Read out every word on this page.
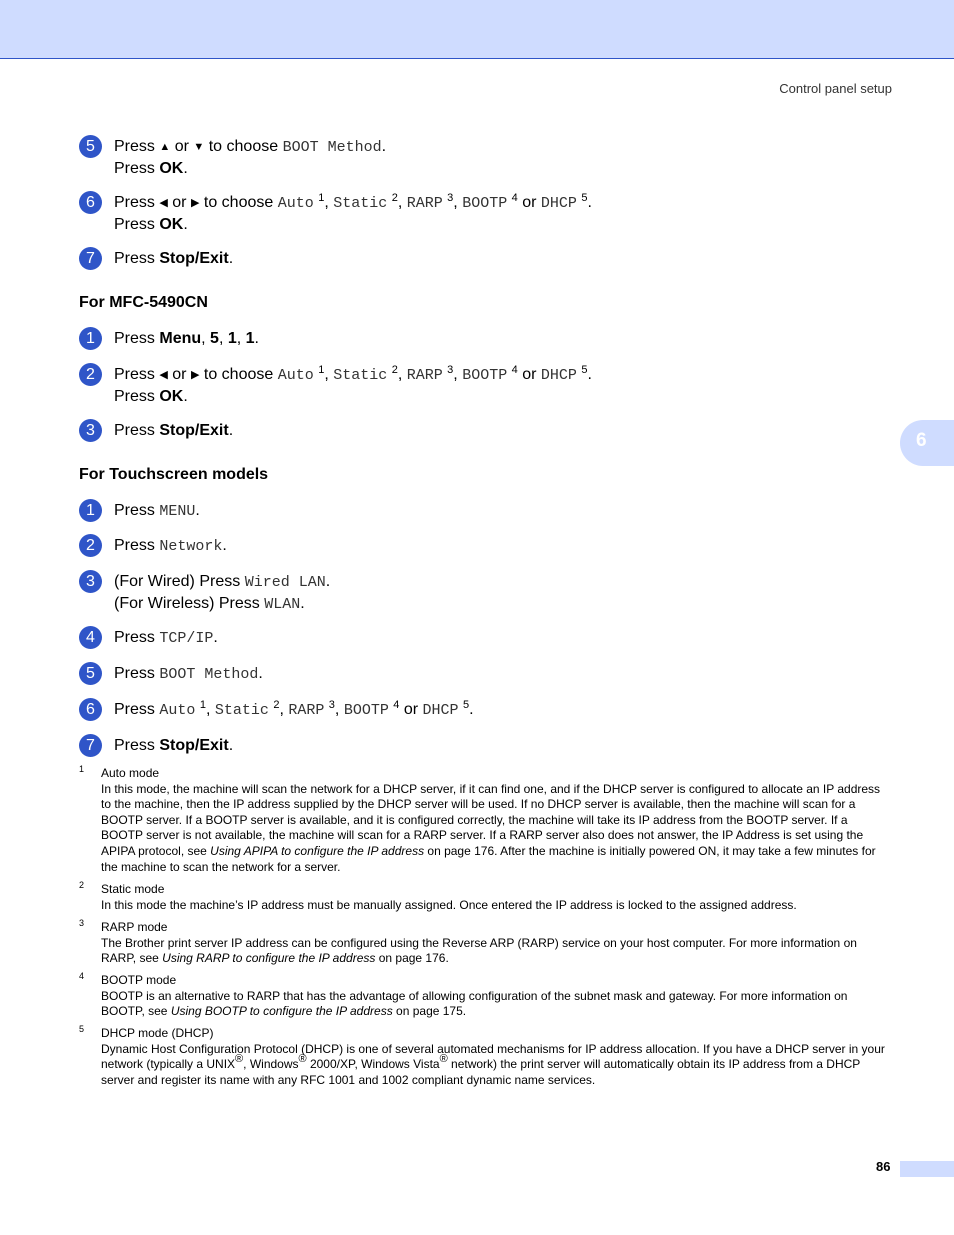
Control panel setup
6
5	Press ▲ or ▼ to choose BOOT Method.
Press OK.
6	Press ◀ or ▶ to choose Auto $^1$, Static $^2$, RARP $^3$, BOOTP $^4$ or DHCP $^5$.
Press OK.
7	Press Stop/Exit.
For MFC-5490CN
1	Press Menu, 5, 1, 1.
2	Press ◀ or ▶ to choose Auto $^1$, Static $^2$, RARP $^3$, BOOTP $^4$ or DHCP $^5$.
Press OK.
3	Press Stop/Exit.
For Touchscreen models
1	Press MENU.
2	Press Network.
3	(For Wired) Press Wired LAN.
(For Wireless) Press WLAN.
4	Press TCP/IP.
5	Press BOOT Method.
6	Press Auto $^1$, Static $^2$, RARP $^3$, BOOTP $^4$ or DHCP $^5$.
7	Press Stop/Exit.
1 Auto mode
In this mode, the machine will scan the network for a DHCP server, if it can find one, and if the DHCP server is configured to allocate an IP address to the machine, then the IP address supplied by the DHCP server will be used. If no DHCP server is available, then the machine will scan for a BOOTP server. If a BOOTP server is available, and it is configured correctly, the machine will take its IP address from the BOOTP server. If a BOOTP server is not available, the machine will scan for a RARP server. If a RARP server also does not answer, the IP Address is set using the APIPA protocol, see Using APIPA to configure the IP address on page 176. After the machine is initially powered ON, it may take a few minutes for the machine to scan the network for a server.
2 Static mode
In this mode the machine’s IP address must be manually assigned. Once entered the IP address is locked to the assigned address.
3 RARP mode
The Brother print server IP address can be configured using the Reverse ARP (RARP) service on your host computer. For more information on RARP, see Using RARP to configure the IP address on page 176.
4 BOOTP mode
BOOTP is an alternative to RARP that has the advantage of allowing configuration of the subnet mask and gateway. For more information on BOOTP, see Using BOOTP to configure the IP address on page 175.
5 DHCP mode (DHCP)
Dynamic Host Configuration Protocol (DHCP) is one of several automated mechanisms for IP address allocation. If you have a DHCP server in your network (typically a UNIX®, Windows® 2000/XP, Windows Vista® network) the print server will automatically obtain its IP address from a DHCP server and register its name with any RFC 1001 and 1002 compliant dynamic name services.
86
